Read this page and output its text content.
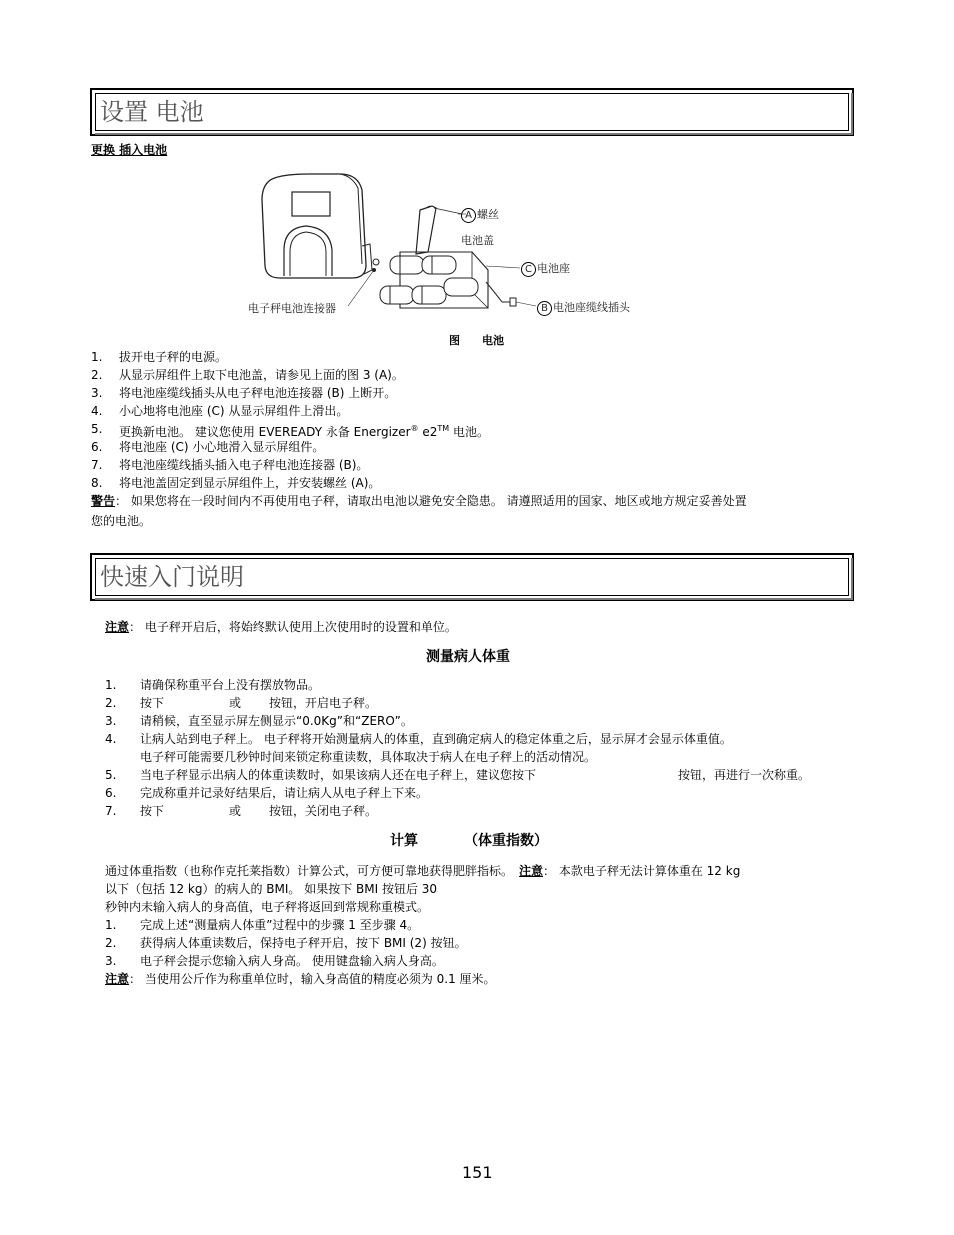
设置 电池
更换 插入电池
A 螺丝
电池盖
C 电池座
B 电池座缆线插头
电子秤电池连接器
图 电池
1. 拔开电子秤的电源。
2. 从显示屏组件上取下电池盖，请参见上面的图 3 (A)。
3. 将电池座缆线插头从电子秤电池连接器 (B) 上断开。
4. 小心地将电池座 (C) 从显示屏组件上滑出。
5. 更换新电池。 建议您使用 EVEREADY 永备 Energizer® e2™ 电池。
6. 将电池座 (C) 小心地滑入显示屏组件。
7. 将电池座缆线插头插入电子秤电池连接器 (B)。
8. 将电池盖固定到显示屏组件上，并安装螺丝 (A)。
警告： 如果您将在一段时间内不再使用电子秤，请取出电池以避免安全隐患。 请遵照适用的国家、地区或地方规定妥善处置
您的电池。
快速入门说明
注意： 电子秤开启后，将始终默认使用上次使用时的设置和单位。
测量病人体重
1. 请确保称重平台上没有摆放物品。
2. 按下	或 按钮，开启电子秤。
3. 请稍候，直至显示屏左侧显示“0.0Kg”和“ZERO”。
4. 让病人站到电子秤上。 电子秤将开始测量病人的体重，直到确定病人的稳定体重之后，显示屏才会显示体重值。
电子秤可能需要几秒钟时间来锁定称重读数，具体取决于病人在电子秤上的活动情况。
5. 当电子秤显示出病人的体重读数时，如果该病人还在电子秤上，建议您按下	按钮，再进行一次称重。
6. 完成称重并记录好结果后，请让病人从电子秤上下来。
7. 按下	或 按钮，关闭电子秤。
计算	（体重指数）
通过体重指数（也称作克托莱指数）计算公式，可方便可靠地获得肥胖指标。 注意： 本款电子秤无法计算体重在 12 kg
以下（包括 12 kg）的病人的 BMI。 如果按下 BMI 按钮后 30
秒钟内未输入病人的身高值，电子秤将返回到常规称重模式。
1. 完成上述“测量病人体重”过程中的步骤 1 至步骤 4。
2. 获得病人体重读数后，保持电子秤开启，按下 BMI (2) 按钮。
3. 电子秤会提示您输入病人身高。 使用键盘输入病人身高。
注意： 当使用公斤作为称重单位时，输入身高值的精度必须为 0.1 厘米。
151
